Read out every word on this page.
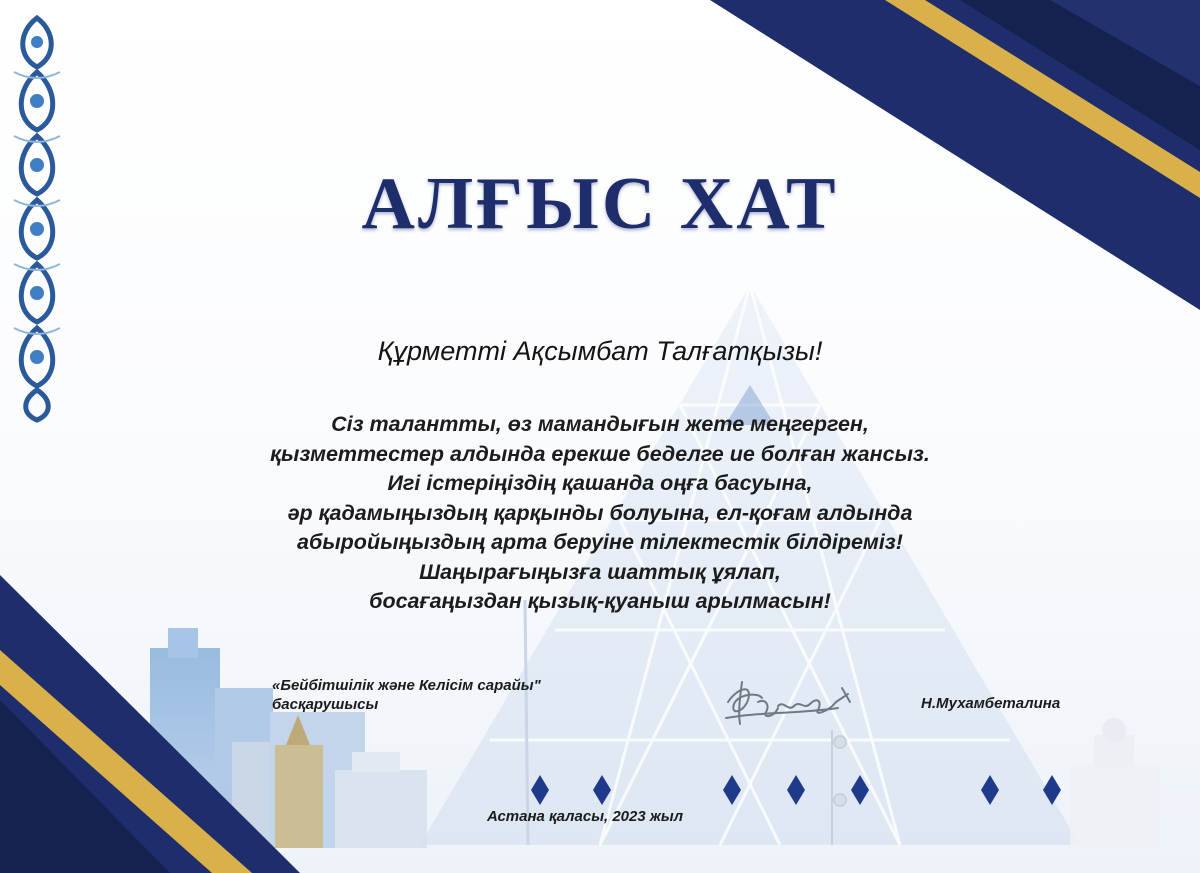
АЛҒЫС ХАТ
Құрметті Ақсымбат Талғатқызы!
Сіз талантты, өз мамандығын жете меңгерген,
қызметтестер алдында ерекше беделге ие болған жансыз.
Игі істеріңіздің қашанда оңға басуына,
әр қадамыңыздың қарқынды болуына, ел-қоғам алдында
абыройыңыздың арта беруіне тілектестік білдіреміз!
Шаңырағыңызға шаттық ұялап,
босағаңыздан қызық-қуаныш арылмасын!
«Бейбітшілік және Келісім сарайы"
басқарушысы	Н.Мухамбеталина
Астана қаласы, 2023 жыл
